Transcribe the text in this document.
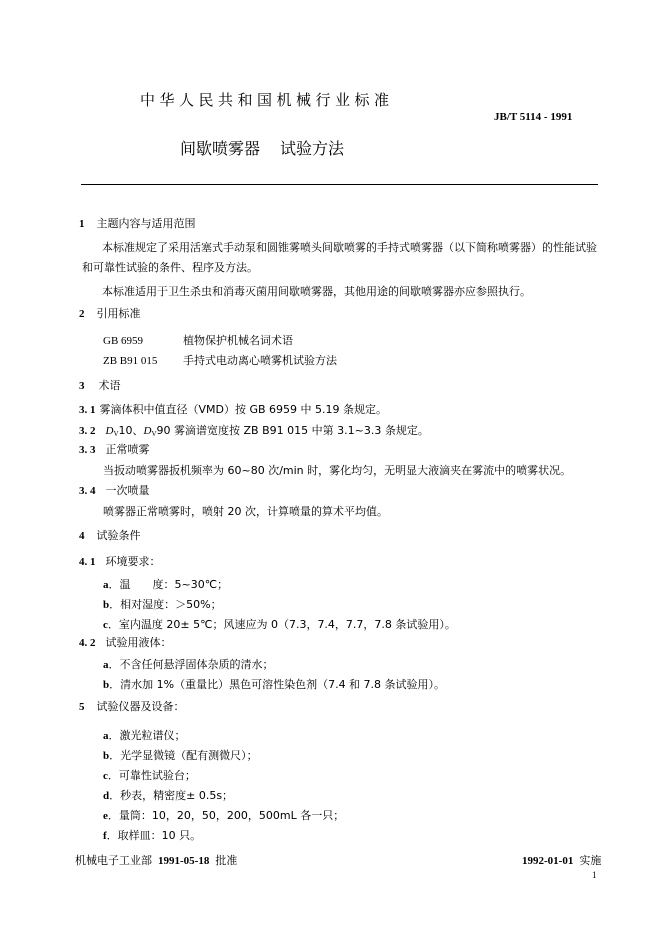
中华人民共和国机械行业标准
JB/T 5114 - 1991
间歇喷雾器 试验方法
1 主题内容与适用范围
本标准规定了采用活塞式手动泵和圆锥雾喷头间歇喷雾的手持式喷雾器（以下简称喷雾器）的性能试验和可靠性试验的条件、程序及方法。
本标准适用于卫生杀虫和消毒灭菌用间歇喷雾器，其他用途的间歇喷雾器亦应参照执行。
2 引用标准
GB 6959	植物保护机械名词术语
ZB B91 015 手持式电动离心喷雾机试验方法
3 术语
3. 1 雾滴体积中值直径（VMD）按 GB 6959 中 5.19 条规定。
3. 2 $D_V10$、$D_V90$ 雾滴谱宽度按 ZB B91 015 中第 3.1~3.3 条规定。
3. 3 正常喷雾
当扳动喷雾器扳机频率为 60~80 次/min 时，雾化均匀，无明显大液滴夹在雾流中的喷雾状况。
3. 4 一次喷量
喷雾器正常喷雾时，喷射 20 次，计算喷量的算术平均值。
4 试验条件
4. 1 环境要求：
a．温　　度：5~30℃；
b．相对湿度：＞50%；
c．室内温度 20± 5℃；风速应为 0（7.3，7.4，7.7，7.8 条试验用）。
4. 2 试验用液体：
a．不含任何悬浮固体杂质的清水；
b．清水加 1%（重量比）黑色可溶性染色剂（7.4 和 7.8 条试验用）。
5 试验仪器及设备：
a．激光粒谱仪；
b．光学显微镜（配有测微尺）；
c．可靠性试验台；
d．秒表，精密度± 0.5s；
e．量筒：10，20，50，200，500mL 各一只；
f．取样皿：10 只。
机械电子工业部 1991-05-18 批准	1992-01-01 实施
1
